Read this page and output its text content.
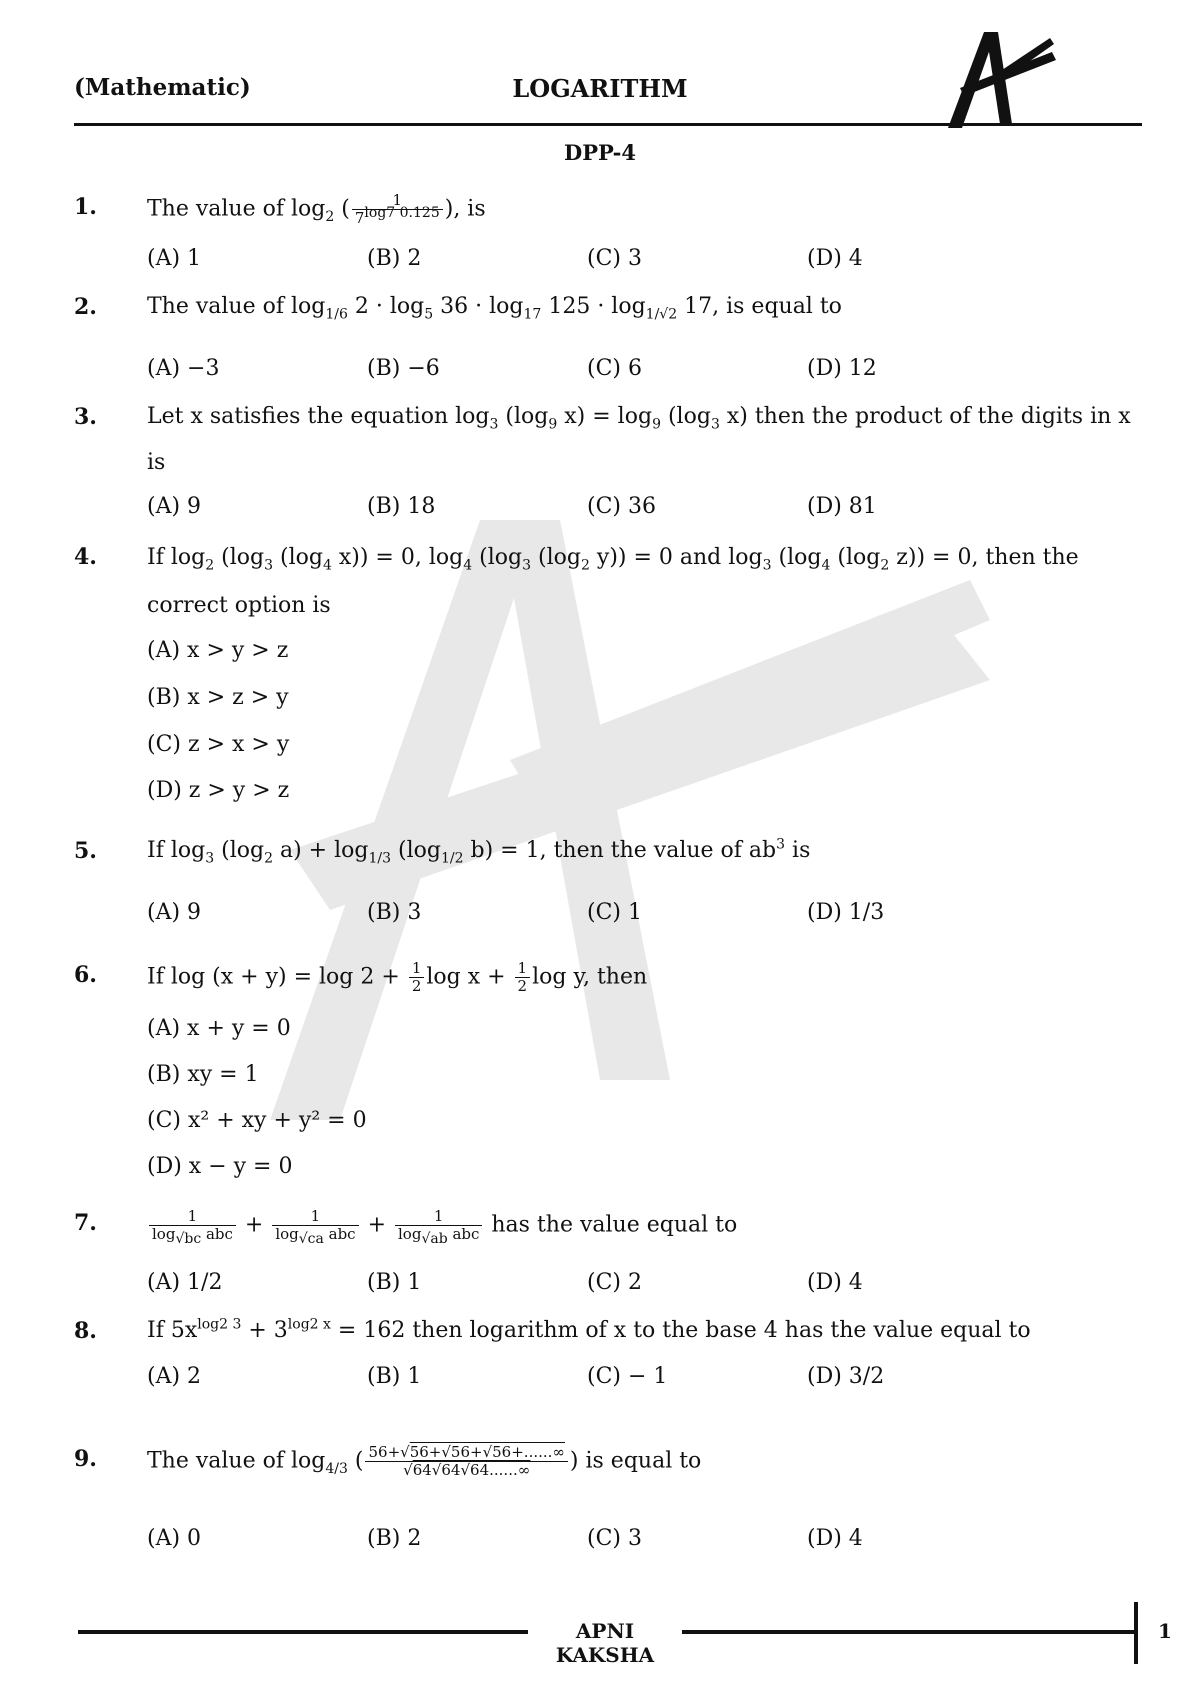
(Mathematic)	LOGARITHM
DPP-4
1. The value of $\log_2$ ( $\frac{1}{7^{log7 0.125}}$ ), is
(A) 1	(B) 2	(C) 3	(D) 4
2. The value of $\log_{1/6} 2 \cdot \log_5 36 \cdot \log_{17} 125 \cdot \log_{1/√2} 17$, is equal to
(A) −3	(B) −6	(C) 6	(D) 12
3. Let x satisfies the equation $\log_3 (\log_9$ $x) = \log_9 (\log_3$ x) then the product of the digits in x is
(A) 9	(B) 18	(C) 36	(D) 81
4. If $\log_2 (\log_3$ ($\log_4$ x)) = 0, $\log_4 (\log_3$ ($\log_2$ y)) = 0 and $\log_3 (\log_4$ ($\log_2$ z)) = 0, then the correct option is
(A) x > y > z
(B) x > z > y
(C) z > x > y
(D) z > y > z
5. If $\log_3 (\log_2$ $a) + \log_{1/3} (\log_{1/2}$ b) = 1, then the value of $ab^3$ is
(A) 9	(B) 3	(C) 1	(D) 1/3
6. If $\log (x + y) = \log 2 + \frac{1}{2}$ $\log x + \frac{1}{2}$ log y, then
(A) x + y = 0
(B) xy = 1
(C) x² + xy + y² = 0
(D) x − y = 0
7.	$\frac{1}{\log_{√bc} abc} + \frac{1}{\log_{√ca} abc} + \frac{1}{\log_{√ab} abc}$ has the value equal to
(A) 1/2	(B) 1	(C) 2	(D) 4
8. If $5x^{log2 3} + 3^{log2 x} = 162$ then logarithm of x to the base 4 has the value equal to
(A) 2	(B) 1	(C) − 1	(D) 3/2
9. The value of $\log_{4/3}$ ( $\frac{56+√56+√56+√56+......\infty}{√64√64√64......\infty}$ ) is equal to
(A) 0	(B) 2	(C) 3	(D) 4
APNI KAKSHA
1
